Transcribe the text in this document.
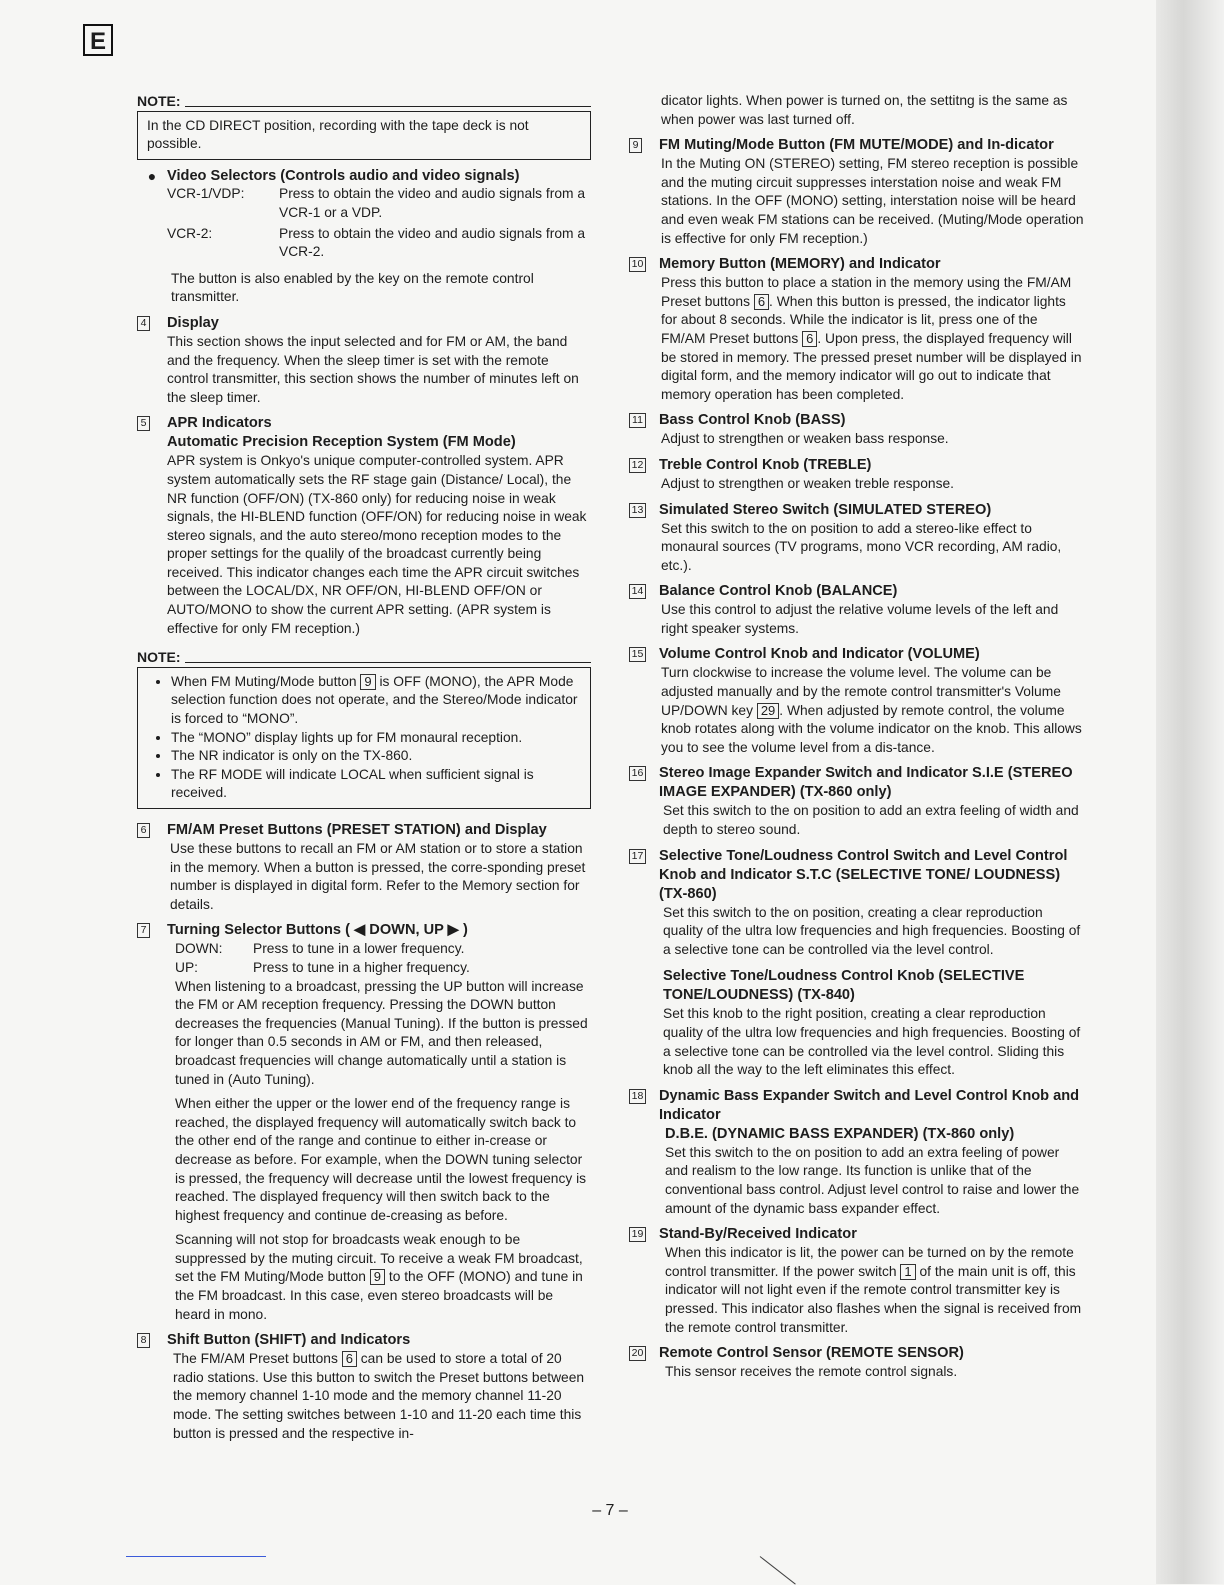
E
NOTE:
In the CD DIRECT position, recording with the tape deck is not possible.
● Video Selectors (Controls audio and video signals)
VCR-1/VDP:	Press to obtain the video and audio signals from a VCR-1 or a VDP.
VCR-2:	Press to obtain the video and audio signals from a VCR-2.

The button is also enabled by the key on the remote control transmitter.

4 Display

This section shows the input selected and for FM or AM, the band and the frequency. When the sleep timer is set with the remote control transmitter, this section shows the number of minutes left on the sleep timer.

5 APR Indicators
Automatic Precision Reception System (FM Mode)

APR system is Onkyo's unique computer-controlled system. APR system automatically sets the RF stage gain (Distance/ Local), the NR function (OFF/ON) (TX-860 only) for reducing noise in weak signals, the HI-BLEND function (OFF/ON) for reducing noise in weak stereo signals, and the auto stereo/mono reception modes to the proper settings for the qualily of the broadcast currently being received. This indicator changes each time the APR circuit switches between the LOCAL/DX, NR OFF/ON, HI-BLEND OFF/ON or AUTO/MONO to show the current APR setting. (APR system is effective for only FM reception.)

NOTE:
• When FM Muting/Mode button 9 is OFF (MONO), the APR Mode selection function does not operate, and the Stereo/Mode indicator is forced to “MONO”.
• The “MONO” display lights up for FM monaural reception.
• The NR indicator is only on the TX-860.
• The RF MODE will indicate LOCAL when sufficient signal is received.
6 FM/AM Preset Buttons (PRESET STATION) and Display

Use these buttons to recall an FM or AM station or to store a station in the memory. When a button is pressed, the corre-sponding preset number is displayed in digital form. Refer to the Memory section for details.

7 Turning Selector Buttons ( ◀ DOWN, UP ▶ )
DOWN:	Press to tune in a lower frequency.
UP:	Press to tune in a higher frequency.

When listening to a broadcast, pressing the UP button will increase the FM or AM reception frequency. Pressing the DOWN button decreases the frequencies (Manual Tuning). If the button is pressed for longer than 0.5 seconds in AM or FM, and then released, broadcast frequencies will change automatically until a station is tuned in (Auto Tuning).

When either the upper or the lower end of the frequency range is reached, the displayed frequency will automatically switch back to the other end of the range and continue to either in-crease or decrease as before. For example, when the DOWN tuning selector is pressed, the frequency will decrease until the lowest frequency is reached. The displayed frequency will then switch back to the highest frequency and continue de-creasing as before.

Scanning will not stop for broadcasts weak enough to be suppressed by the muting circuit. To receive a weak FM broadcast, set the FM Muting/Mode button 9 to the OFF (MONO) and tune in the FM broadcast. In this case, even stereo broadcasts will be heard in mono.

8 Shift Button (SHIFT) and Indicators

The FM/AM Preset buttons 6 can be used to store a total of 20 radio stations. Use this button to switch the Preset buttons between the memory channel 1-10 mode and the memory channel 11-20 mode. The setting switches between 1-10 and 11-20 each time this button is pressed and the respective in-

dicator lights. When power is turned on, the settitng is the same as when power was last turned off.

9 FM Muting/Mode Button (FM MUTE/MODE) and In-dicator

In the Muting ON (STEREO) setting, FM stereo reception is possible and the muting circuit suppresses interstation noise and weak FM stations. In the OFF (MONO) setting, interstation noise will be heard and even weak FM stations can be received. (Muting/Mode operation is effective for only FM reception.)

10 Memory Button (MEMORY) and Indicator

Press this button to place a station in the memory using the FM/AM Preset buttons 6 . When this button is pressed, the indicator lights for about 8 seconds. While the indicator is lit, press one of the FM/AM Preset buttons 6 . Upon press, the displayed frequency will be stored in memory. The pressed preset number will be displayed in digital form, and the memory indicator will go out to indicate that memory operation has been completed.

11 Bass Control Knob (BASS)

Adjust to strengthen or weaken bass response.

12 Treble Control Knob (TREBLE)

Adjust to strengthen or weaken treble response.

13 Simulated Stereo Switch (SIMULATED STEREO)

Set this switch to the on position to add a stereo-like effect to monaural sources (TV programs, mono VCR recording, AM radio, etc.).

14 Balance Control Knob (BALANCE)

Use this control to adjust the relative volume levels of the left and right speaker systems.

15 Volume Control Knob and Indicator (VOLUME)

Turn clockwise to increase the volume level. The volume can be adjusted manually and by the remote control transmitter's Volume UP/DOWN key 29 . When adjusted by remote control, the volume knob rotates along with the volume indicator on the knob. This allows you to see the volume level from a dis-tance.

16 Stereo Image Expander Switch and Indicator S.I.E (STEREO IMAGE EXPANDER) (TX-860 only)

Set this switch to the on position to add an extra feeling of width and depth to stereo sound.

17 Selective Tone/Loudness Control Switch and Level Control Knob and Indicator S.T.C (SELECTIVE TONE/ LOUDNESS) (TX-860)

Set this switch to the on position, creating a clear reproduction quality of the ultra low frequencies and high frequencies. Boosting of a selective tone can be controlled via the level control.

Selective Tone/Loudness Control Knob (SELECTIVE TONE/LOUDNESS) (TX-840)

Set this knob to the right position, creating a clear reproduction quality of the ultra low frequencies and high frequencies. Boosting of a selective tone can be controlled via the level control. Sliding this knob all the way to the left eliminates this effect.

18 Dynamic Bass Expander Switch and Level Control Knob and Indicator
D.B.E. (DYNAMIC BASS EXPANDER) (TX-860 only)

Set this switch to the on position to add an extra feeling of power and realism to the low range. Its function is unlike that of the conventional bass control. Adjust level control to raise and lower the amount of the dynamic bass expander effect.

19 Stand-By/Received Indicator

When this indicator is lit, the power can be turned on by the remote control transmitter. If the power switch 1 of the main unit is off, this indicator will not light even if the remote control transmitter key is pressed. This indicator also flashes when the signal is received from the remote control transmitter.

20 Remote Control Sensor (REMOTE SENSOR)

This sensor receives the remote control signals.

– 7 –
